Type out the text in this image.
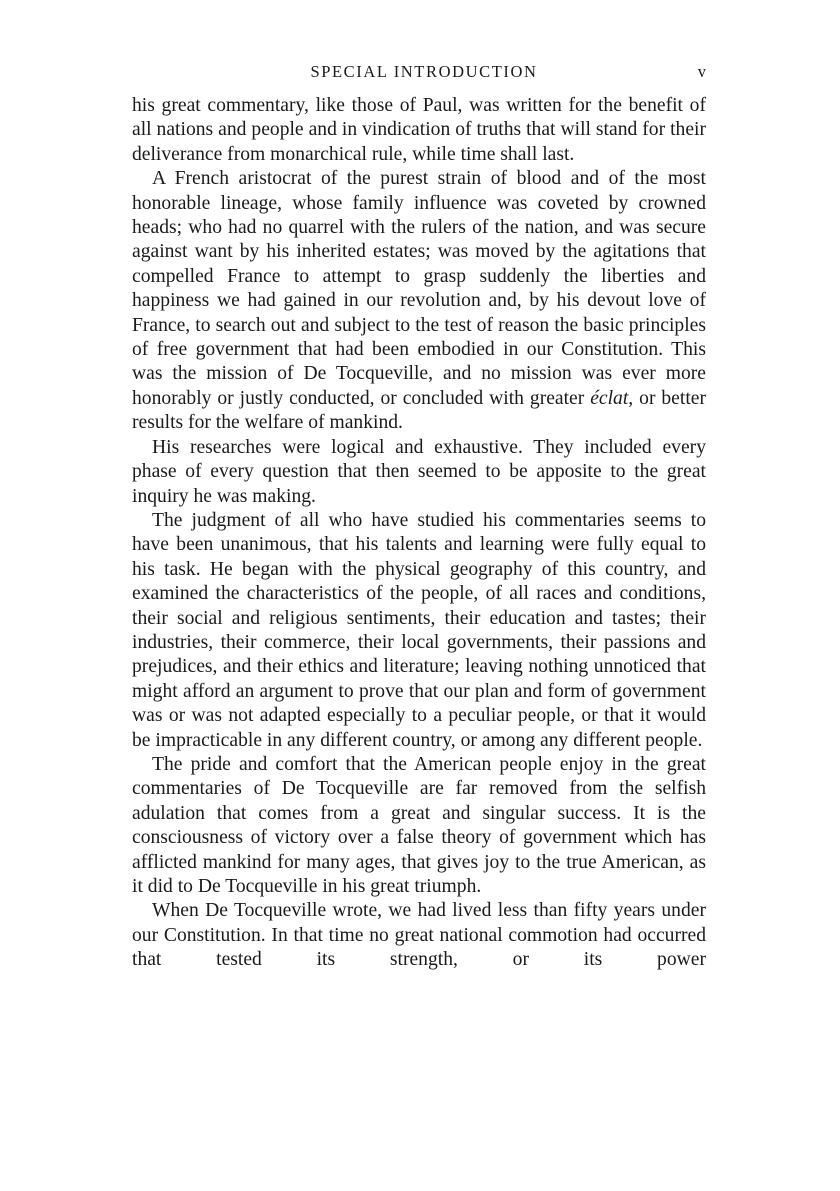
SPECIAL INTRODUCTION	v

his great commentary, like those of Paul, was written for the benefit of all nations and people and in vindication of truths that will stand for their deliverance from monarchical rule, while time shall last.

A French aristocrat of the purest strain of blood and of the most honorable lineage, whose family influence was coveted by crowned heads; who had no quarrel with the rulers of the nation, and was secure against want by his inherited estates; was moved by the agitations that compelled France to attempt to grasp suddenly the liberties and happiness we had gained in our revolution and, by his devout love of France, to search out and subject to the test of reason the basic principles of free government that had been embodied in our Constitution. This was the mission of De Tocqueville, and no mission was ever more honorably or justly conducted, or concluded with greater éclat, or better results for the welfare of mankind.

His researches were logical and exhaustive. They included every phase of every question that then seemed to be apposite to the great inquiry he was making.

The judgment of all who have studied his commentaries seems to have been unanimous, that his talents and learning were fully equal to his task. He began with the physical geography of this country, and examined the characteristics of the people, of all races and conditions, their social and religious sentiments, their education and tastes; their industries, their commerce, their local governments, their passions and prejudices, and their ethics and literature; leaving nothing unnoticed that might afford an argument to prove that our plan and form of government was or was not adapted especially to a peculiar people, or that it would be impracticable in any different country, or among any different people.

The pride and comfort that the American people enjoy in the great commentaries of De Tocqueville are far removed from the selfish adulation that comes from a great and singular success. It is the consciousness of victory over a false theory of government which has afflicted mankind for many ages, that gives joy to the true American, as it did to De Tocqueville in his great triumph.

When De Tocqueville wrote, we had lived less than fifty years under our Constitution. In that time no great national commotion had occurred that tested its strength, or its power
